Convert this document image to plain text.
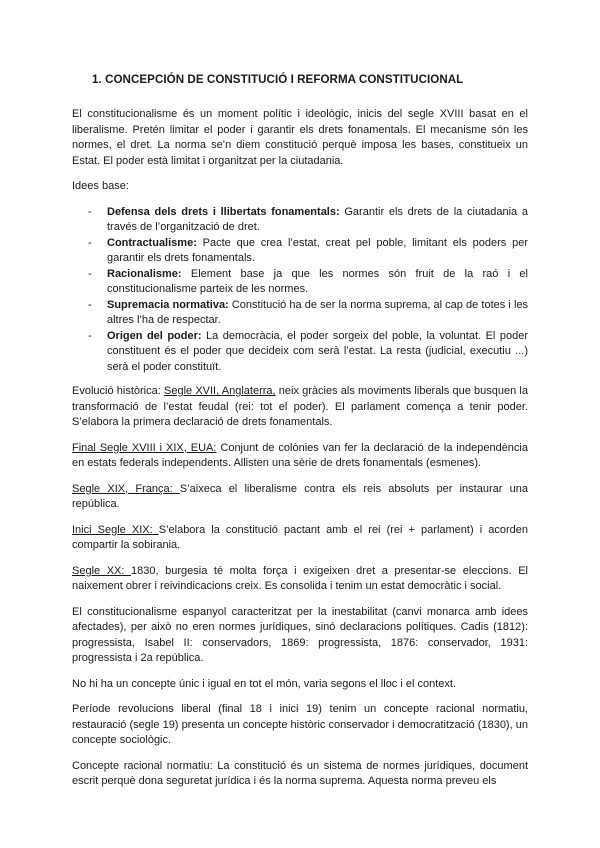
1. CONCEPCIÓN DE CONSTITUCIÓ I REFORMA CONSTITUCIONAL

El constitucionalisme és un moment polític i ideològic, inicis del segle XVIII basat en el liberalisme. Pretén limitar el poder i garantir els drets fonamentals. El mecanisme són les normes, el dret. La norma se’n diem constitució perquè imposa les bases, constitueix un Estat. El poder està limitat i organitzat per la ciutadania.

Idees base:

- Defensa dels drets i llibertats fonamentals: Garantir els drets de la ciutadania a través de l’organització de dret.
- Contractualisme: Pacte que crea l’estat, creat pel poble, limitant els poders per garantir els drets fonamentals.
- Racionalisme: Element base ja que les normes són fruit de la raó i el constitucionalisme parteix de les normes.
- Supremacia normativa: Constitució ha de ser la norma suprema, al cap de totes i les altres l’ha de respectar.
- Origen del poder: La democràcia, el poder sorgeix del poble, la voluntat. El poder constituent és el poder que decideix com serà l’estat. La resta (judicial, executiu ...) serà el poder constituït.

Evolució històrica: Segle XVII, Anglaterra, neix gràcies als moviments liberals que busquen la transformació de l’estat feudal (rei: tot el poder). El parlament comença a tenir poder. S’elabora la primera declaració de drets fonamentals.

Final Segle XVIII i XIX, EUA: Conjunt de colònies van fer la declaració de la independència en estats federals independents. Allisten una sèrie de drets fonamentals (esmenes).

Segle XIX, França: S’aixeca el liberalisme contra els reis absoluts per instaurar una república.

Inici Segle XIX: S’elabora la constitució pactant amb el rei (rei + parlament) i acorden compartir la sobirania.

Segle XX: 1830, burgesia té molta força i exigeixen dret a presentar-se eleccions. El naixement obrer i reivindicacions creix. Es consolida i tenim un estat democràtic i social.

El constitucionalisme espanyol caracteritzat per la inestabilitat (canvi monarca amb idees afectades), per això no eren normes jurídiques, sinó declaracions polítiques. Cadis (1812): progressista, Isabel II: conservadors, 1869: progressista, 1876: conservador, 1931: progressista i 2a república.

No hi ha un concepte únic i igual en tot el món, varia segons el lloc i el context.

Període revolucions liberal (final 18 i inici 19) tenim un concepte racional normatiu, restauració (segle 19) presenta un concepte històric conservador i democratització (1830), un concepte sociològic.

Concepte racional normatiu: La constitució és un sistema de normes jurídiques, document escrit perquè dona seguretat jurídica i és la norma suprema. Aquesta norma preveu els
